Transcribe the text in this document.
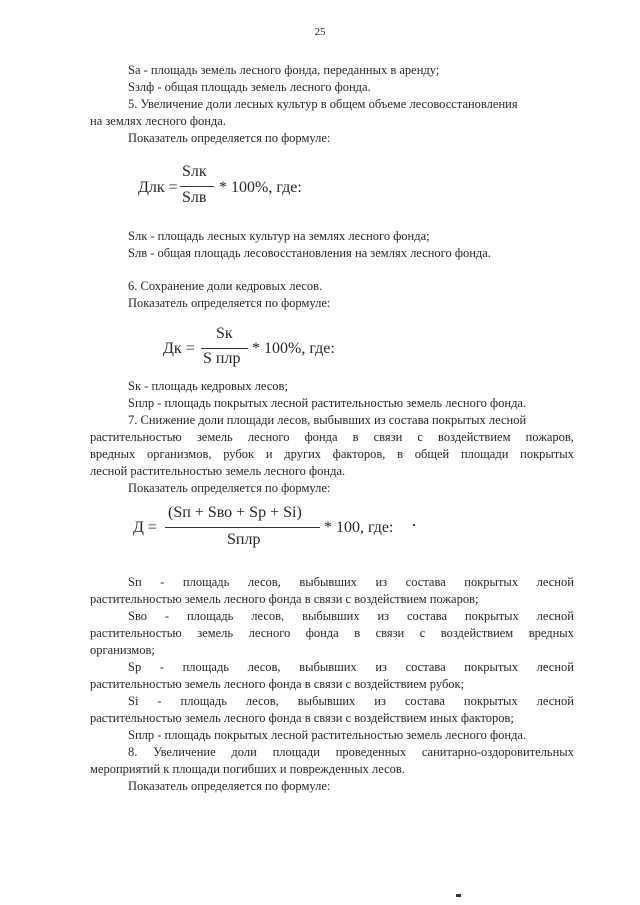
25
Sa - площадь земель лесного фонда, переданных в аренду;
Sзлф - общая площадь земель лесного фонда.
5. Увеличение доли лесных культур в общем объеме лесовосстановления
на землях лесного фонда.
Показатель определяется по формуле:
Длк =
Sлк
Sлв
* 100%, где:
Sлк - площадь лесных культур на землях лесного фонда;
Sлв - общая площадь лесовосстановления на землях лесного фонда.
6. Сохранение доли кедровых лесов.
Показатель определяется по формуле:
Дк =
Sк
S плр
* 100%, где:
Sк - площадь кедровых лесов;
Sплр - площадь покрытых лесной растительностью земель лесного фонда.
7. Снижение доли площади лесов, выбывших из состава покрытых лесной
растительностью земель лесного фонда в связи с воздействием пожаров,
вредных организмов, рубок и других факторов, в общей площади покрытых
лесной растительностью земель лесного фонда.
Показатель определяется по формуле:
Д =
(Sп + Sво + Sр + Si)
Sплр
* 100, где:
Sп - площадь лесов, выбывших из состава покрытых лесной
растительностью земель лесного фонда в связи с воздействием пожаров;
Sво - площадь лесов, выбывших из состава покрытых лесной
растительностью земель лесного фонда в связи с воздействием вредных
организмов;
Sр - площадь лесов, выбывших из состава покрытых лесной
растительностью земель лесного фонда в связи с воздействием рубок;
Si - площадь лесов, выбывших из состава покрытых лесной
растительностью земель лесного фонда в связи с воздействием иных факторов;
Sплр - площадь покрытых лесной растительностью земель лесного фонда.
8. Увеличение доли площади проведенных санитарно-оздоровительных
мероприятий к площади погибших и поврежденных лесов.
Показатель определяется по формуле:
